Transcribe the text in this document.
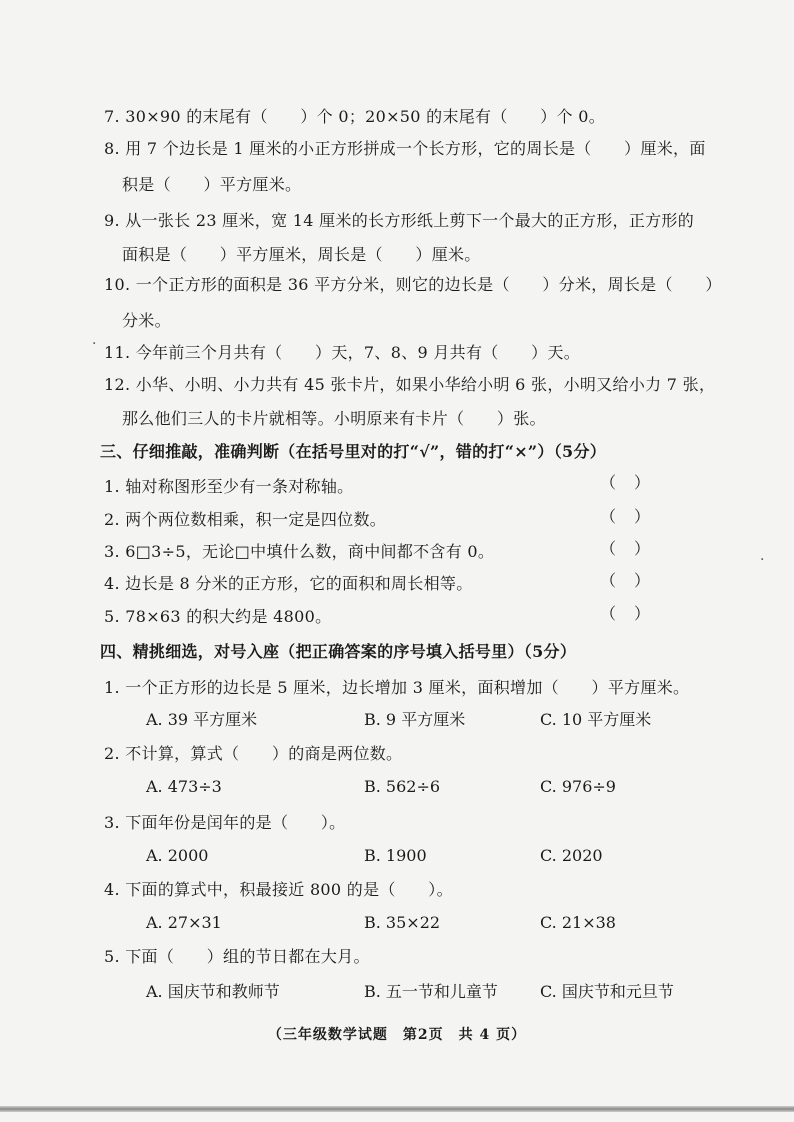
7. 30×90 的末尾有（　　）个 0；20×50 的末尾有（　　）个 0。
8. 用 7 个边长是 1 厘米的小正方形拼成一个长方形，它的周长是（　　）厘米，面
积是（　　）平方厘米。
9. 从一张长 23 厘米，宽 14 厘米的长方形纸上剪下一个最大的正方形，正方形的
面积是（　　）平方厘米，周长是（　　）厘米。
10. 一个正方形的面积是 36 平方分米，则它的边长是（　　）分米，周长是（　　）
分米。
11. 今年前三个月共有（　　）天，7、8、9 月共有（　　）天。
12. 小华、小明、小力共有 45 张卡片，如果小华给小明 6 张，小明又给小力 7 张，
那么他们三人的卡片就相等。小明原来有卡片（　　）张。
三、仔细推敲，准确判断（在括号里对的打“√”，错的打“×”）（5分）
1. 轴对称图形至少有一条对称轴。	（）
2. 两个两位数相乘，积一定是四位数。	（）
3. 6□3÷5，无论□中填什么数，商中间都不含有 0。	（）
4. 边长是 8 分米的正方形，它的面积和周长相等。	（）
5. 78×63 的积大约是 4800。	（）
四、精挑细选，对号入座（把正确答案的序号填入括号里）（5分）
1. 一个正方形的边长是 5 厘米，边长增加 3 厘米，面积增加（　　）平方厘米。
A. 39 平方厘米	B. 9 平方厘米	C. 10 平方厘米
2. 不计算，算式（　　）的商是两位数。
A. 473÷3	B. 562÷6	C. 976÷9
3. 下面年份是闰年的是（　　）。
A. 2000	B. 1900	C. 2020
4. 下面的算式中，积最接近 800 的是（　　）。
A. 27×31	B. 35×22	C. 21×38
5. 下面（　　）组的节日都在大月。
A. 国庆节和教师节	B. 五一节和儿童节	C. 国庆节和元旦节
（三年级数学试题　第2页　共 4 页）
·
·
